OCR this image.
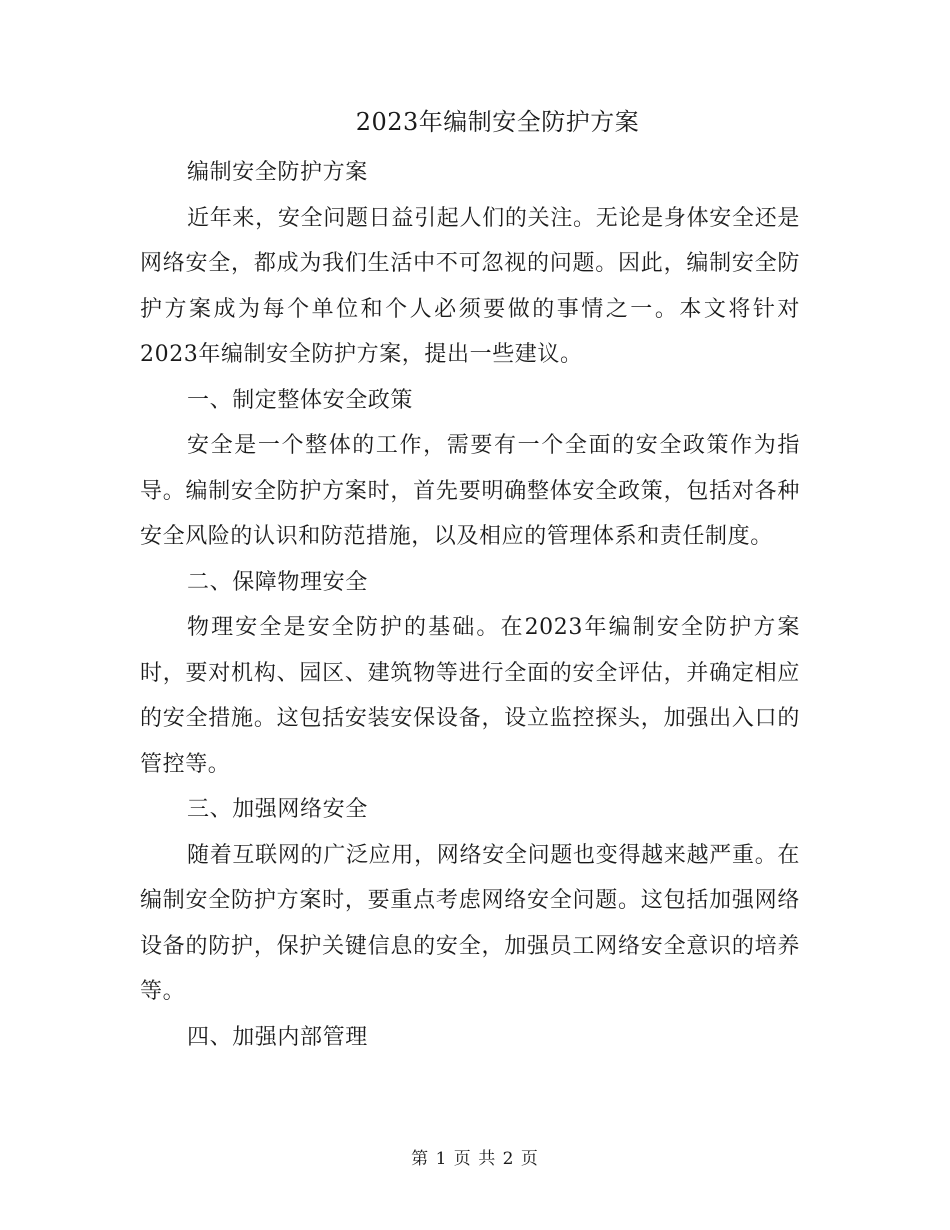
2023年编制安全防护方案

编制安全防护方案

近年来，安全问题日益引起人们的关注。无论是身体安全还是网络安全，都成为我们生活中不可忽视的问题。因此，编制安全防护方案成为每个单位和个人必须要做的事情之一。本文将针对2023年编制安全防护方案，提出一些建议。

一、制定整体安全政策

安全是一个整体的工作，需要有一个全面的安全政策作为指导。编制安全防护方案时，首先要明确整体安全政策，包括对各种安全风险的认识和防范措施，以及相应的管理体系和责任制度。

二、保障物理安全

物理安全是安全防护的基础。在2023年编制安全防护方案时，要对机构、园区、建筑物等进行全面的安全评估，并确定相应的安全措施。这包括安装安保设备，设立监控探头，加强出入口的管控等。

三、加强网络安全

随着互联网的广泛应用，网络安全问题也变得越来越严重。在编制安全防护方案时，要重点考虑网络安全问题。这包括加强网络设备的防护，保护关键信息的安全，加强员工网络安全意识的培养等。

四、加强内部管理

第 1 页 共 2 页
